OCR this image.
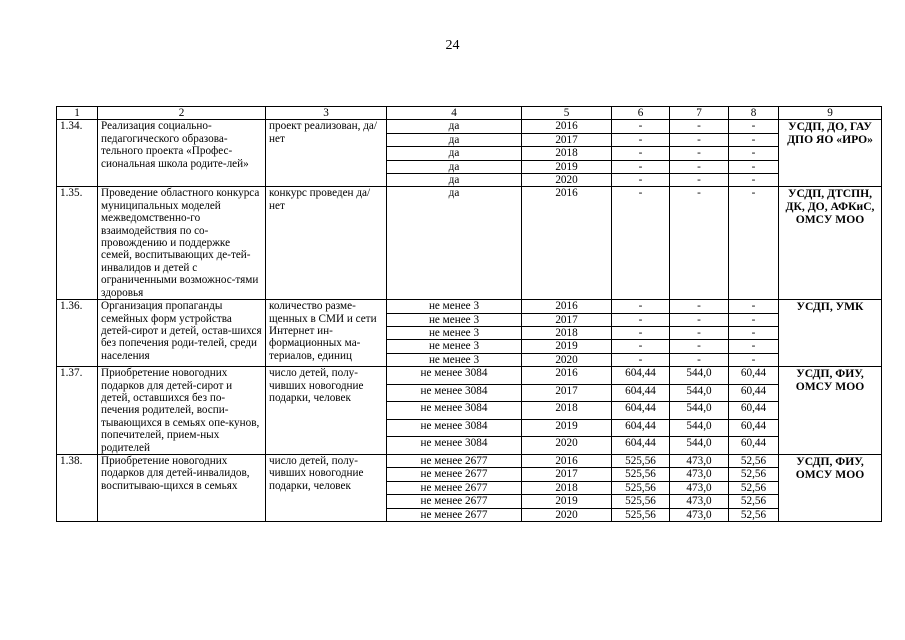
24
1	2	3	4	5	6	7	8	9
1.34.	Реализация социально-педагогического образова-тельного проекта «Профес-сиональная школа родите-лей»	проект реализован, да/нет	да	2016	-	-	-	УСДП, ДО, ГАУ ДПО ЯО «ИРО»
			да	2017	-	-	-	
			да	2018	-	-	-	
			да	2019	-	-	-	
			да	2020	-	-	-	
1.35.	Проведение областного конкурса муниципальных моделей межведомственно-го взаимодействия по со-провождению и поддержке семей, воспитывающих де-тей-инвалидов и детей с ограниченными возможнос-тями здоровья	конкурс проведен да/нет	да	2016	-	-	-	УСДП, ДТСПН, ДК, ДО, АФКиС, ОМСУ МОО
1.36.	Организация пропаганды семейных форм устройства детей-сирот и детей, остав-шихся без попечения роди-телей, среди населения	количество разме-щенных в СМИ и сети Интернет ин-формационных ма-териалов, единиц	не менее 3	2016	-	-	-	УСДП, УМК
			не менее 3	2017	-	-	-	
			не менее 3	2018	-	-	-	
			не менее 3	2019	-	-	-	
			не менее 3	2020	-	-	-	
1.37.	Приобретение новогодних подарков для детей-сирот и детей, оставшихся без по-печения родителей, воспи-тывающихся в семьях опе-кунов, попечителей, прием-ных родителей	число детей, полу-чивших новогодние подарки, человек	не менее 3084	2016	604,44	544,0	60,44	УСДП, ФИУ, ОМСУ МОО
			не менее 3084	2017	604,44	544,0	60,44	
			не менее 3084	2018	604,44	544,0	60,44	
			не менее 3084	2019	604,44	544,0	60,44	
			не менее 3084	2020	604,44	544,0	60,44	
1.38.	Приобретение новогодних подарков для детей-инвалидов, воспитываю-щихся в семьях	число детей, полу-чивших новогодние подарки, человек	не менее 2677	2016	525,56	473,0	52,56	УСДП, ФИУ, ОМСУ МОО
			не менее 2677	2017	525,56	473,0	52,56	
			не менее 2677	2018	525,56	473,0	52,56	
			не менее 2677	2019	525,56	473,0	52,56	
			не менее 2677	2020	525,56	473,0	52,56	
